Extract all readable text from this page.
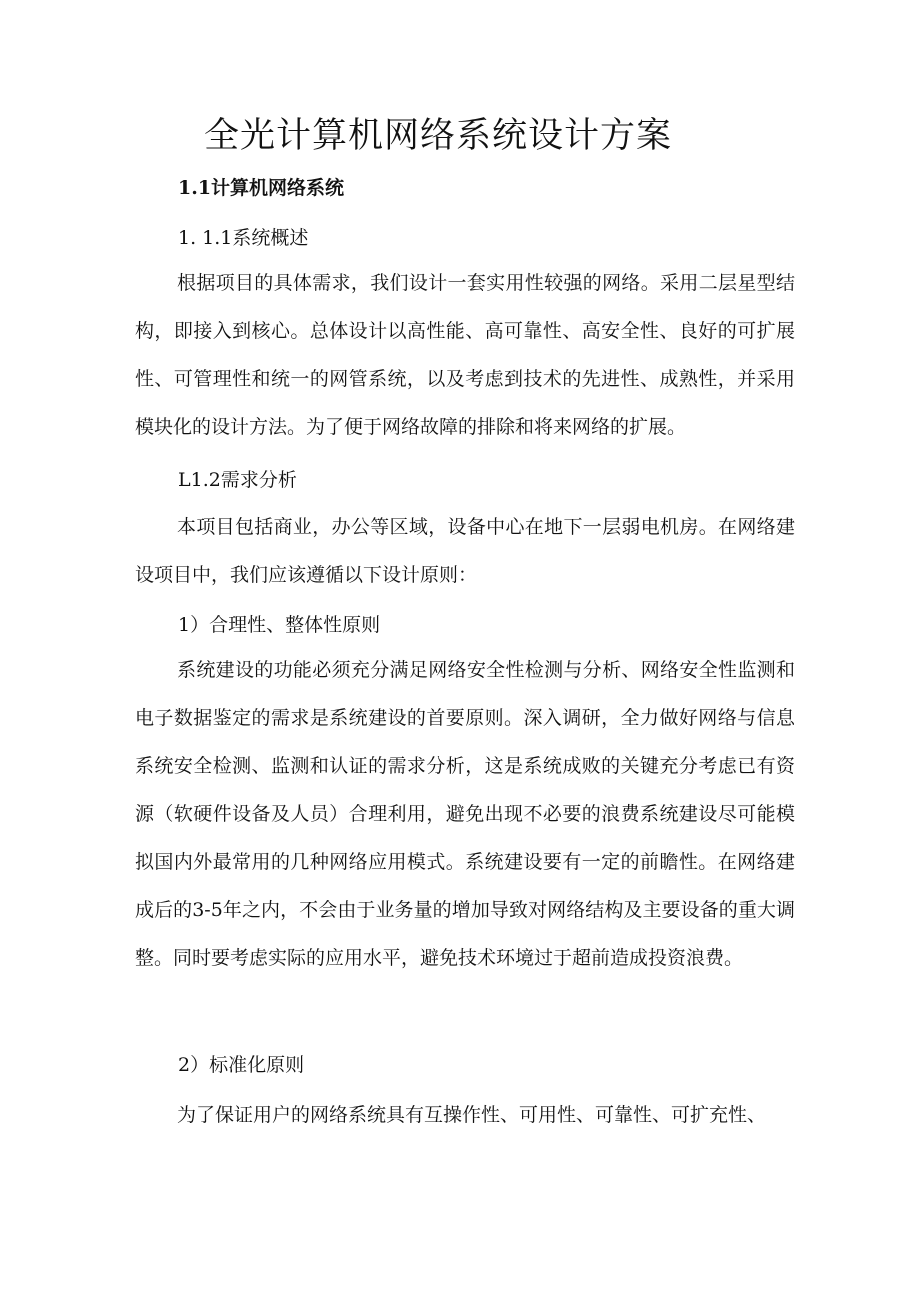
全光计算机网络系统设计方案
1.1计算机网络系统
1. 1.1系统概述

根据项目的具体需求，我们设计一套实用性较强的网络。采用二层星型结构，即接入到核心。总体设计以高性能、高可靠性、高安全性、良好的可扩展性、可管理性和统一的网管系统，以及考虑到技术的先进性、成熟性，并采用模块化的设计方法。为了便于网络故障的排除和将来网络的扩展。

L1.2需求分析

本项目包括商业，办公等区域，设备中心在地下一层弱电机房。在网络建设项目中，我们应该遵循以下设计原则：

1）合理性、整体性原则

系统建设的功能必须充分满足网络安全性检测与分析、网络安全性监测和电子数据鉴定的需求是系统建设的首要原则。深入调研，全力做好网络与信息系统安全检测、监测和认证的需求分析，这是系统成败的关键充分考虑已有资源（软硬件设备及人员）合理利用，避免出现不必要的浪费系统建设尽可能模拟国内外最常用的几种网络应用模式。系统建设要有一定的前瞻性。在网络建成后的3-5年之内，不会由于业务量的增加导致对网络结构及主要设备的重大调整。同时要考虑实际的应用水平，避免技术环境过于超前造成投资浪费。

2）标准化原则

为了保证用户的网络系统具有互操作性、可用性、可靠性、可扩充性、
